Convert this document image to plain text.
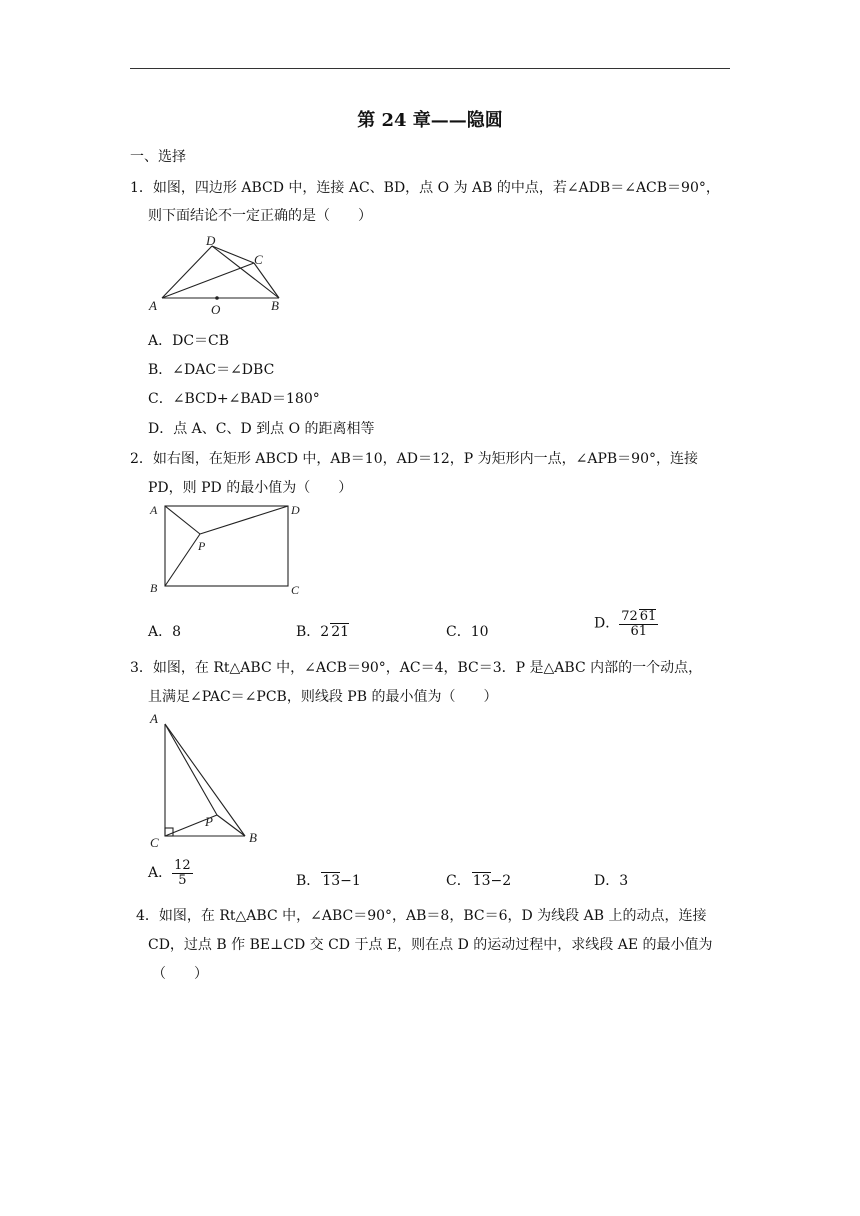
第 24 章——隐圆
一、选择
1．如图，四边形 ABCD 中，连接 AC、BD，点 O 为 AB 的中点，若∠ADB＝∠ACB＝90°，
则下面结论不一定正确的是（　　）
A	B
C
D
O
A．DC＝CB
B．∠DAC＝∠DBC
C．∠BCD+∠BAD＝180°
D．点 A、C、D 到点 O 的距离相等
2．如右图，在矩形 ABCD 中，AB＝10，AD＝12，P 为矩形内一点，∠APB＝90°，连接
PD，则 PD 的最小值为（　　）
A
B	C
D
P
A．8	B．2 21	C．10
D． $\frac{72 61}{61}$
3．如图，在 Rt△ABC 中，∠ACB＝90°，AC＝4，BC＝3．P 是△ABC 内部的一个动点，
且满足∠PAC＝∠PCB，则线段 PB 的最小值为（　　）
A
B
C
P
A． $\frac{12}{5}$	B． 13−1	C． 13−2	D．3
4．如图，在 Rt△ABC 中，∠ABC＝90°，AB＝8，BC＝6，D 为线段 AB 上的动点，连接
CD，过点 B 作 BE⊥CD 交 CD 于点 E，则在点 D 的运动过程中，求线段 AE 的最小值为
（　　）
